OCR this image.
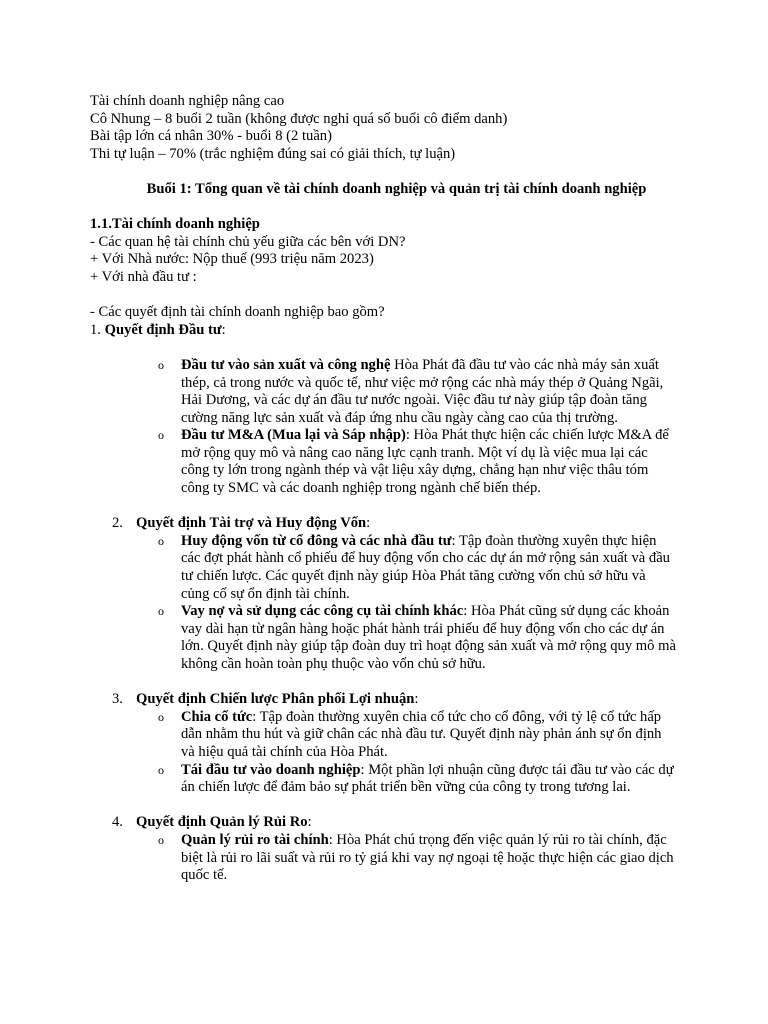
Tài chính doanh nghiệp nâng cao

Cô Nhung – 8 buổi 2 tuần (không được nghỉ quá số buổi cô điểm danh)

Bài tập lớn cá nhân 30% - buổi 8 (2 tuần)

Thi tự luận – 70% (trắc nghiệm đúng sai có giải thích, tự luận)

Buổi 1: Tổng quan về tài chính doanh nghiệp và quản trị tài chính doanh nghiệp

1.1.Tài chính doanh nghiệp

- Các quan hệ tài chính chủ yếu giữa các bên với DN?

+ Với Nhà nước: Nộp thuế (993 triệu năm 2023)

+ Với nhà đầu tư :

- Các quyết định tài chính doanh nghiệp bao gồm?

1. Quyết định Đầu tư:

o Đầu tư vào sản xuất và công nghệ Hòa Phát đã đầu tư vào các nhà máy sản xuất thép, cả trong nước và quốc tế, như việc mở rộng các nhà máy thép ở Quảng Ngãi, Hải Dương, và các dự án đầu tư nước ngoài. Việc đầu tư này giúp tập đoàn tăng cường năng lực sản xuất và đáp ứng nhu cầu ngày càng cao của thị trường.
o Đầu tư M&A (Mua lại và Sáp nhập): Hòa Phát thực hiện các chiến lược M&A để mở rộng quy mô và nâng cao năng lực cạnh tranh. Một ví dụ là việc mua lại các công ty lớn trong ngành thép và vật liệu xây dựng, chẳng hạn như việc thâu tóm công ty SMC và các doanh nghiệp trong ngành chế biến thép.

2. Quyết định Tài trợ và Huy động Vốn:

o Huy động vốn từ cổ đông và các nhà đầu tư: Tập đoàn thường xuyên thực hiện các đợt phát hành cổ phiếu để huy động vốn cho các dự án mở rộng sản xuất và đầu tư chiến lược. Các quyết định này giúp Hòa Phát tăng cường vốn chủ sở hữu và củng cố sự ổn định tài chính.
o Vay nợ và sử dụng các công cụ tài chính khác: Hòa Phát cũng sử dụng các khoản vay dài hạn từ ngân hàng hoặc phát hành trái phiếu để huy động vốn cho các dự án lớn. Quyết định này giúp tập đoàn duy trì hoạt động sản xuất và mở rộng quy mô mà không cần hoàn toàn phụ thuộc vào vốn chủ sở hữu.

3. Quyết định Chiến lược Phân phối Lợi nhuận:

o Chia cổ tức: Tập đoàn thường xuyên chia cổ tức cho cổ đông, với tỷ lệ cổ tức hấp dẫn nhằm thu hút và giữ chân các nhà đầu tư. Quyết định này phản ánh sự ổn định và hiệu quả tài chính của Hòa Phát.
o Tái đầu tư vào doanh nghiệp: Một phần lợi nhuận cũng được tái đầu tư vào các dự án chiến lược để đảm bảo sự phát triển bền vững của công ty trong tương lai.

4. Quyết định Quản lý Rủi Ro:

o Quản lý rủi ro tài chính: Hòa Phát chú trọng đến việc quản lý rủi ro tài chính, đặc biệt là rủi ro lãi suất và rủi ro tỷ giá khi vay nợ ngoại tệ hoặc thực hiện các giao dịch quốc tế.
